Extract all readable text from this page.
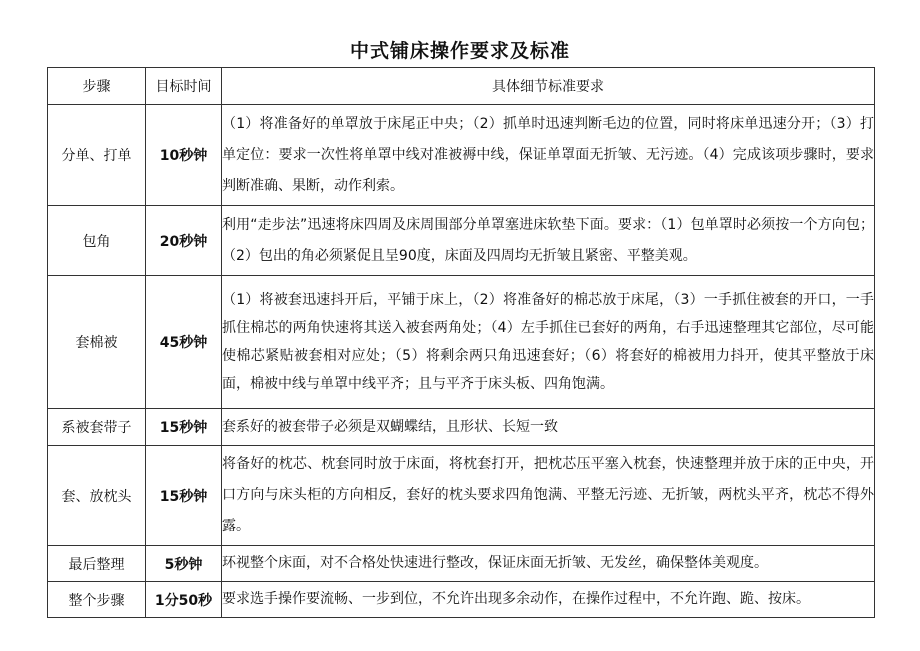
中式铺床操作要求及标准
步骤	目标时间	具体细节标准要求
分单、打单	10秒钟	（1）将准备好的单罩放于床尾正中央；（2）抓单时迅速判断毛边的位置，同时将床单迅速分开；（3）打单定位：要求一次性将单罩中线对准被褥中线，保证单罩面无折皱、无污迹。（4）完成该项步骤时，要求判断准确、果断，动作利索。
包角	20秒钟	利用“走步法”迅速将床四周及床周围部分单罩塞进床软垫下面。要求：（1）包单罩时必须按一个方向包；（2）包出的角必须紧促且呈90度，床面及四周均无折皱且紧密、平整美观。
套棉被	45秒钟	（1）将被套迅速抖开后，平铺于床上，（2）将准备好的棉芯放于床尾，（3）一手抓住被套的开口，一手抓住棉芯的两角快速将其送入被套两角处；（4）左手抓住已套好的两角，右手迅速整理其它部位，尽可能使棉芯紧贴被套相对应处；（5）将剩余两只角迅速套好；（6）将套好的棉被用力抖开，使其平整放于床面，棉被中线与单罩中线平齐；且与平齐于床头板、四角饱满。
系被套带子	15秒钟	套系好的被套带子必须是双蝴蝶结，且形状、长短一致
套、放枕头	15秒钟	将备好的枕芯、枕套同时放于床面，将枕套打开，把枕芯压平塞入枕套，快速整理并放于床的正中央，开口方向与床头柜的方向相反，套好的枕头要求四角饱满、平整无污迹、无折皱，两枕头平齐，枕芯不得外露。
最后整理	5秒钟	环视整个床面，对不合格处快速进行整改，保证床面无折皱、无发丝，确保整体美观度。
整个步骤	1分50秒	要求选手操作要流畅、一步到位，不允许出现多余动作，在操作过程中，不允许跑、跪、按床。
